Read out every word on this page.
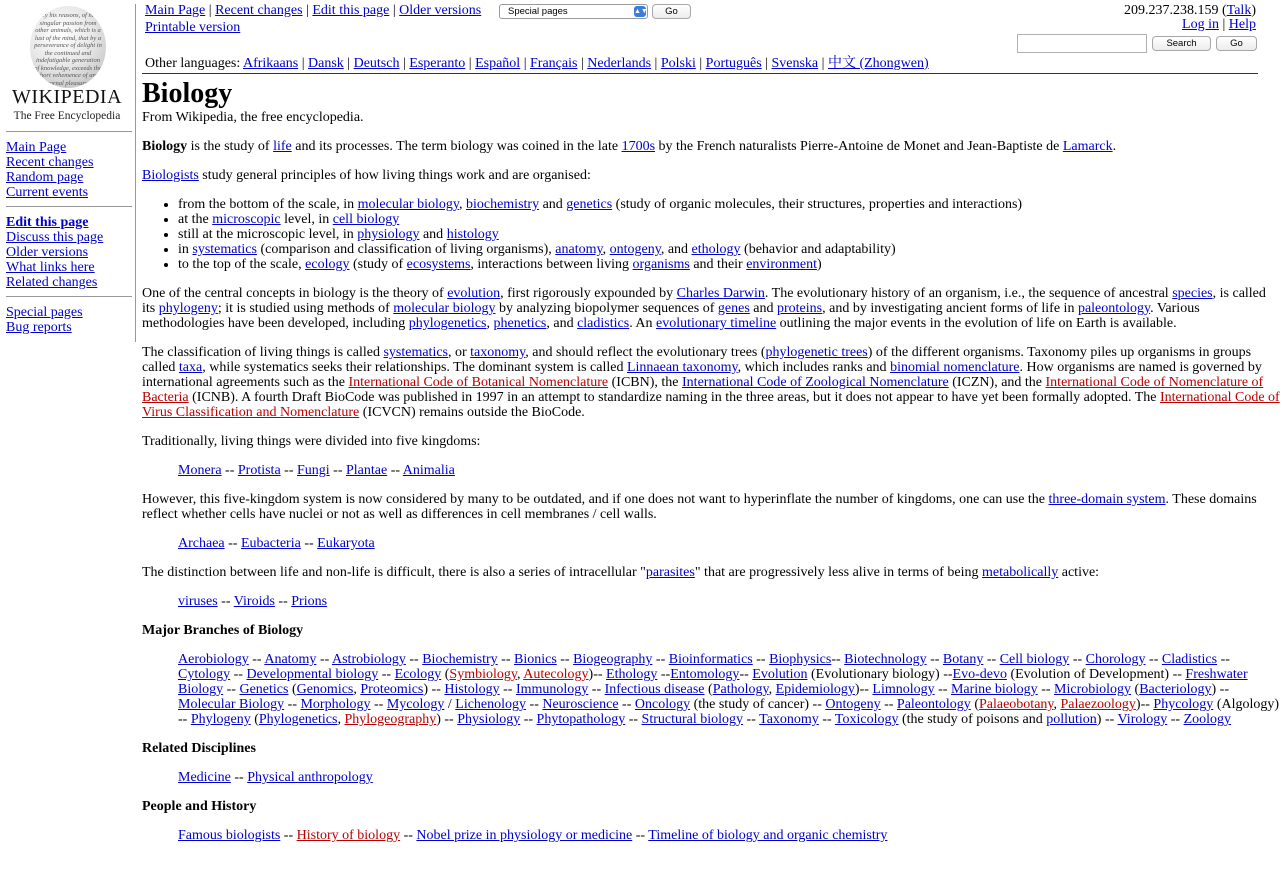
...y his reasons, of his singular passion from other animals, which is a lust of the mind, that by a perseverance of delight in the continued and indefatigable generation of knowledge, exceeds the short vehemence of any carnal pleasure.
WIKIPEDIA
The Free Encyclopedia
Main Page
Recent changes
Random page
Current events
Edit this page
Discuss this page
Older versions
What links here
Related changes
Special pages
Bug reports
Main Page | Recent changes | Edit this page | Older versions	Special pages	▲▼	Go
Printable version
209.237.238.159 (Talk)
Log in | Help
Search	Go
Other languages: Afrikaans | Dansk | Deutsch | Esperanto | Español | Français | Nederlands | Polski | Português | Svenska | 中文 (Zhongwen)
Biology
From Wikipedia, the free encyclopedia.

Biology is the study of life and its processes. The term biology was coined in the late 1700s by the French naturalists Pierre-Antoine de Monet and Jean-Baptiste de Lamarck.

Biologists study general principles of how living things work and are organised:

• from the bottom of the scale, in molecular biology, biochemistry and genetics (study of organic molecules, their structures, properties and interactions)
• at the microscopic level, in cell biology
• still at the microscopic level, in physiology and histology
• in systematics (comparison and classification of living organisms), anatomy, ontogeny, and ethology (behavior and adaptability)
• to the top of the scale, ecology (study of ecosystems, interactions between living organisms and their environment)

One of the central concepts in biology is the theory of evolution, first rigorously expounded by Charles Darwin. The evolutionary history of an organism, i.e., the sequence of ancestral species, is called its phylogeny; it is studied using methods of molecular biology by analyzing biopolymer sequences of genes and proteins, and by investigating ancient forms of life in paleontology. Various methodologies have been developed, including phylogenetics, phenetics, and cladistics. An evolutionary timeline outlining the major events in the evolution of life on Earth is available.

The classification of living things is called systematics, or taxonomy, and should reflect the evolutionary trees (phylogenetic trees) of the different organisms. Taxonomy piles up organisms in groups called taxa, while systematics seeks their relationships. The dominant system is called Linnaean taxonomy, which includes ranks and binomial nomenclature. How organisms are named is governed by international agreements such as the International Code of Botanical Nomenclature (ICBN), the International Code of Zoological Nomenclature (ICZN), and the International Code of Nomenclature of Bacteria (ICNB). A fourth Draft BioCode was published in 1997 in an attempt to standardize naming in the three areas, but it does not appear to have yet been formally adopted. The International Code of Virus Classification and Nomenclature (ICVCN) remains outside the BioCode.

Traditionally, living things were divided into five kingdoms:

Monera -- Protista -- Fungi -- Plantae -- Animalia

However, this five-kingdom system is now considered by many to be outdated, and if one does not want to hyperinflate the number of kingdoms, one can use the three-domain system. These domains reflect whether cells have nuclei or not as well as differences in cell membranes / cell walls.

Archaea -- Eubacteria -- Eukaryota

The distinction between life and non-life is difficult, there is also a series of intracellular "parasites" that are progressively less alive in terms of being metabolically active:

viruses -- Viroids -- Prions
Major Branches of Biology
Aerobiology -- Anatomy -- Astrobiology -- Biochemistry -- Bionics -- Biogeography -- Bioinformatics -- Biophysics-- Biotechnology -- Botany -- Cell biology -- Chorology -- Cladistics -- Cytology -- Developmental biology -- Ecology (Symbiology, Autecology)-- Ethology --Entomology-- Evolution (Evolutionary biology) --Evo-devo (Evolution of Development) -- Freshwater Biology -- Genetics (Genomics, Proteomics) -- Histology -- Immunology -- Infectious disease (Pathology, Epidemiology)-- Limnology -- Marine biology -- Microbiology (Bacteriology) -- Molecular Biology -- Morphology -- Mycology / Lichenology -- Neuroscience -- Oncology (the study of cancer) -- Ontogeny -- Paleontology (Palaeobotany, Palaezoology)-- Phycology (Algology) -- Phylogeny (Phylogenetics, Phylogeography) -- Physiology -- Phytopathology -- Structural biology -- Taxonomy -- Toxicology (the study of poisons and pollution) -- Virology -- Zoology
Related Disciplines
Medicine -- Physical anthropology
People and History
Famous biologists -- History of biology -- Nobel prize in physiology or medicine -- Timeline of biology and organic chemistry
